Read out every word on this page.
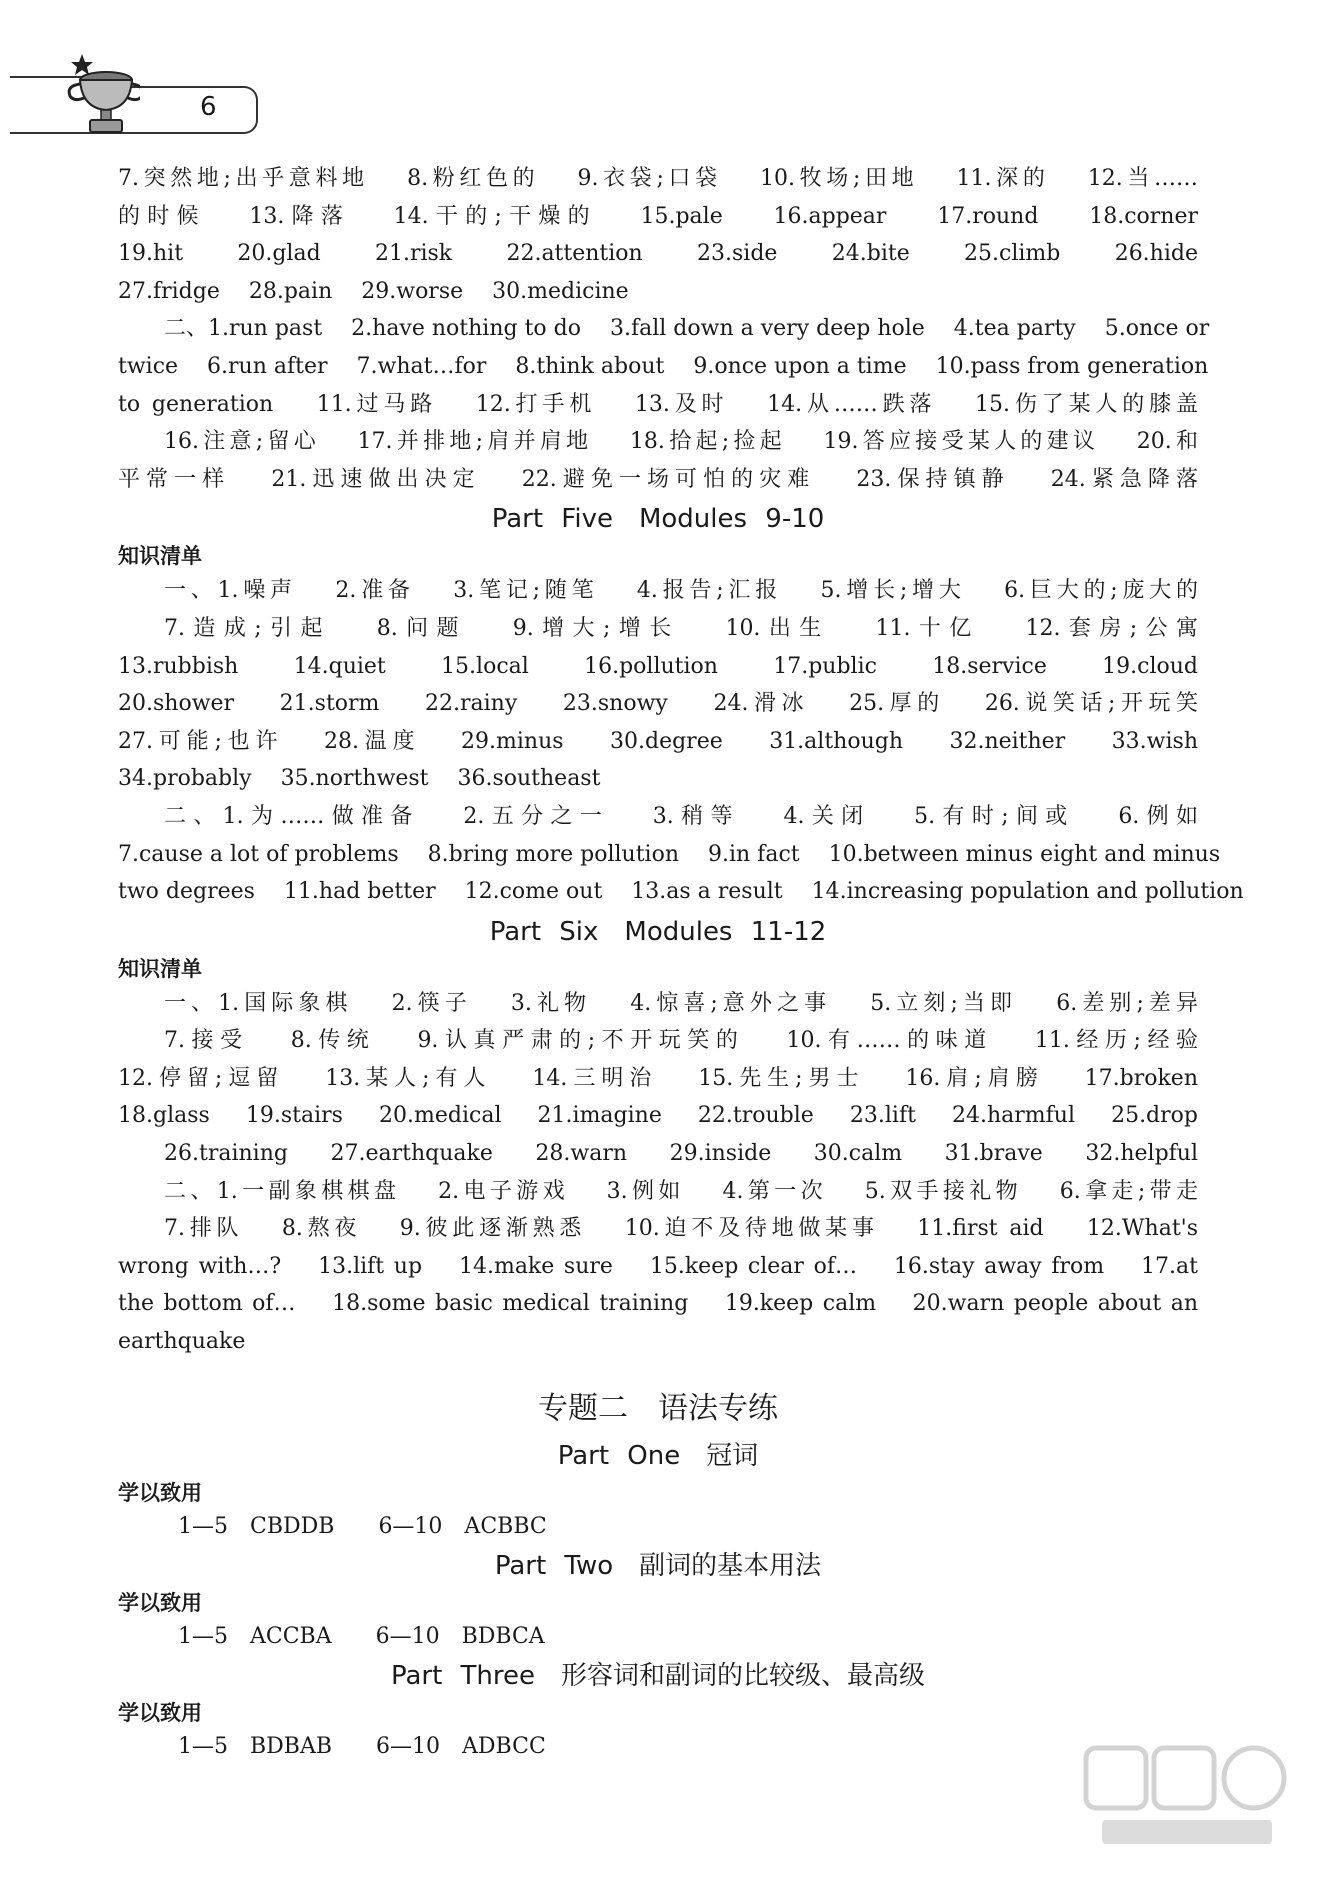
6
7.突然地;出乎意料地　 8.粉红色的　 9.衣袋;口袋　 10.牧场;田地　 11.深的　 12.当……
的时候　 13.降落　 14.干的;干燥的　 15.pale　 16.appear　 17.round　 18.corner
19.hit　 20.glad　 21.risk　 22.attention　 23.side　 24.bite　 25.climb　 26.hide
27.fridge　 28.pain　 29.worse　 30.medicine
二、1.run past　 2.have nothing to do　 3.fall down a very deep hole　 4.tea party　 5.once or
twice　 6.run after　 7.what…for　 8.think about　 9.once upon a time　 10.pass from generation
to generation　 11.过马路　 12.打手机　 13.及时　 14.从……跌落　 15.伤了某人的膝盖
16.注意;留心　 17.并排地;肩并肩地　 18.拾起;捡起　 19.答应接受某人的建议　 20.和
平常一样　 21.迅速做出决定　 22.避免一场可怕的灾难　 23.保持镇静　 24.紧急降落
Part Five　Modules 9-10
知识清单
一、1.噪声　 2.准备　 3.笔记;随笔　 4.报告;汇报　 5.增长;增大　 6.巨大的;庞大的
7.造成;引起　 8.问题　 9.增大;增长　 10.出生　 11.十亿　 12.套房;公寓
13.rubbish　 14.quiet　 15.local　 16.pollution　 17.public　 18.service　 19.cloud
20.shower　 21.storm　 22.rainy　 23.snowy　 24.滑冰　 25.厚的　 26.说笑话;开玩笑
27.可能;也许　 28.温度　 29.minus　 30.degree　 31.although　 32.neither　 33.wish
34.probably　 35.northwest　 36.southeast
二、1.为……做准备　 2.五分之一　 3.稍等　 4.关闭　 5.有时;间或　 6.例如
7.cause a lot of problems　 8.bring more pollution　 9.in fact　 10.between minus eight and minus
two degrees　 11.had better　 12.come out　 13.as a result　 14.increasing population and pollution
Part Six　Modules 11-12
知识清单
一、1.国际象棋　 2.筷子　 3.礼物　 4.惊喜;意外之事　 5.立刻;当即　 6.差别;差异
7.接受　 8.传统　 9.认真严肃的;不开玩笑的　 10.有……的味道　 11.经历;经验
12.停留;逗留　 13.某人;有人　 14.三明治　 15.先生;男士　 16.肩;肩膀　 17.broken
18.glass　 19.stairs　 20.medical　 21.imagine　 22.trouble　 23.lift　 24.harmful　 25.drop
26.training　 27.earthquake　 28.warn　 29.inside　 30.calm　 31.brave　 32.helpful
二、1.一副象棋棋盘　 2.电子游戏　 3.例如　 4.第一次　 5.双手接礼物　 6.拿走;带走
7.排队　 8.熬夜　 9.彼此逐渐熟悉　 10.迫不及待地做某事　 11.first aid　 12.What's
wrong with…?　 13.lift up　 14.make sure　 15.keep clear of…　 16.stay away from　 17.at
the bottom of…　 18.some basic medical training　 19.keep calm　 20.warn people about an
earthquake
专题二　语法专练
Part One　冠词
学以致用
1—5　CBDDB　　6—10　ACBBC
Part Two　副词的基本用法
学以致用
1—5　ACCBA　　6—10　BDBCA
Part Three　形容词和副词的比较级、最高级
学以致用
1—5　BDBAB　　6—10　ADBCC
